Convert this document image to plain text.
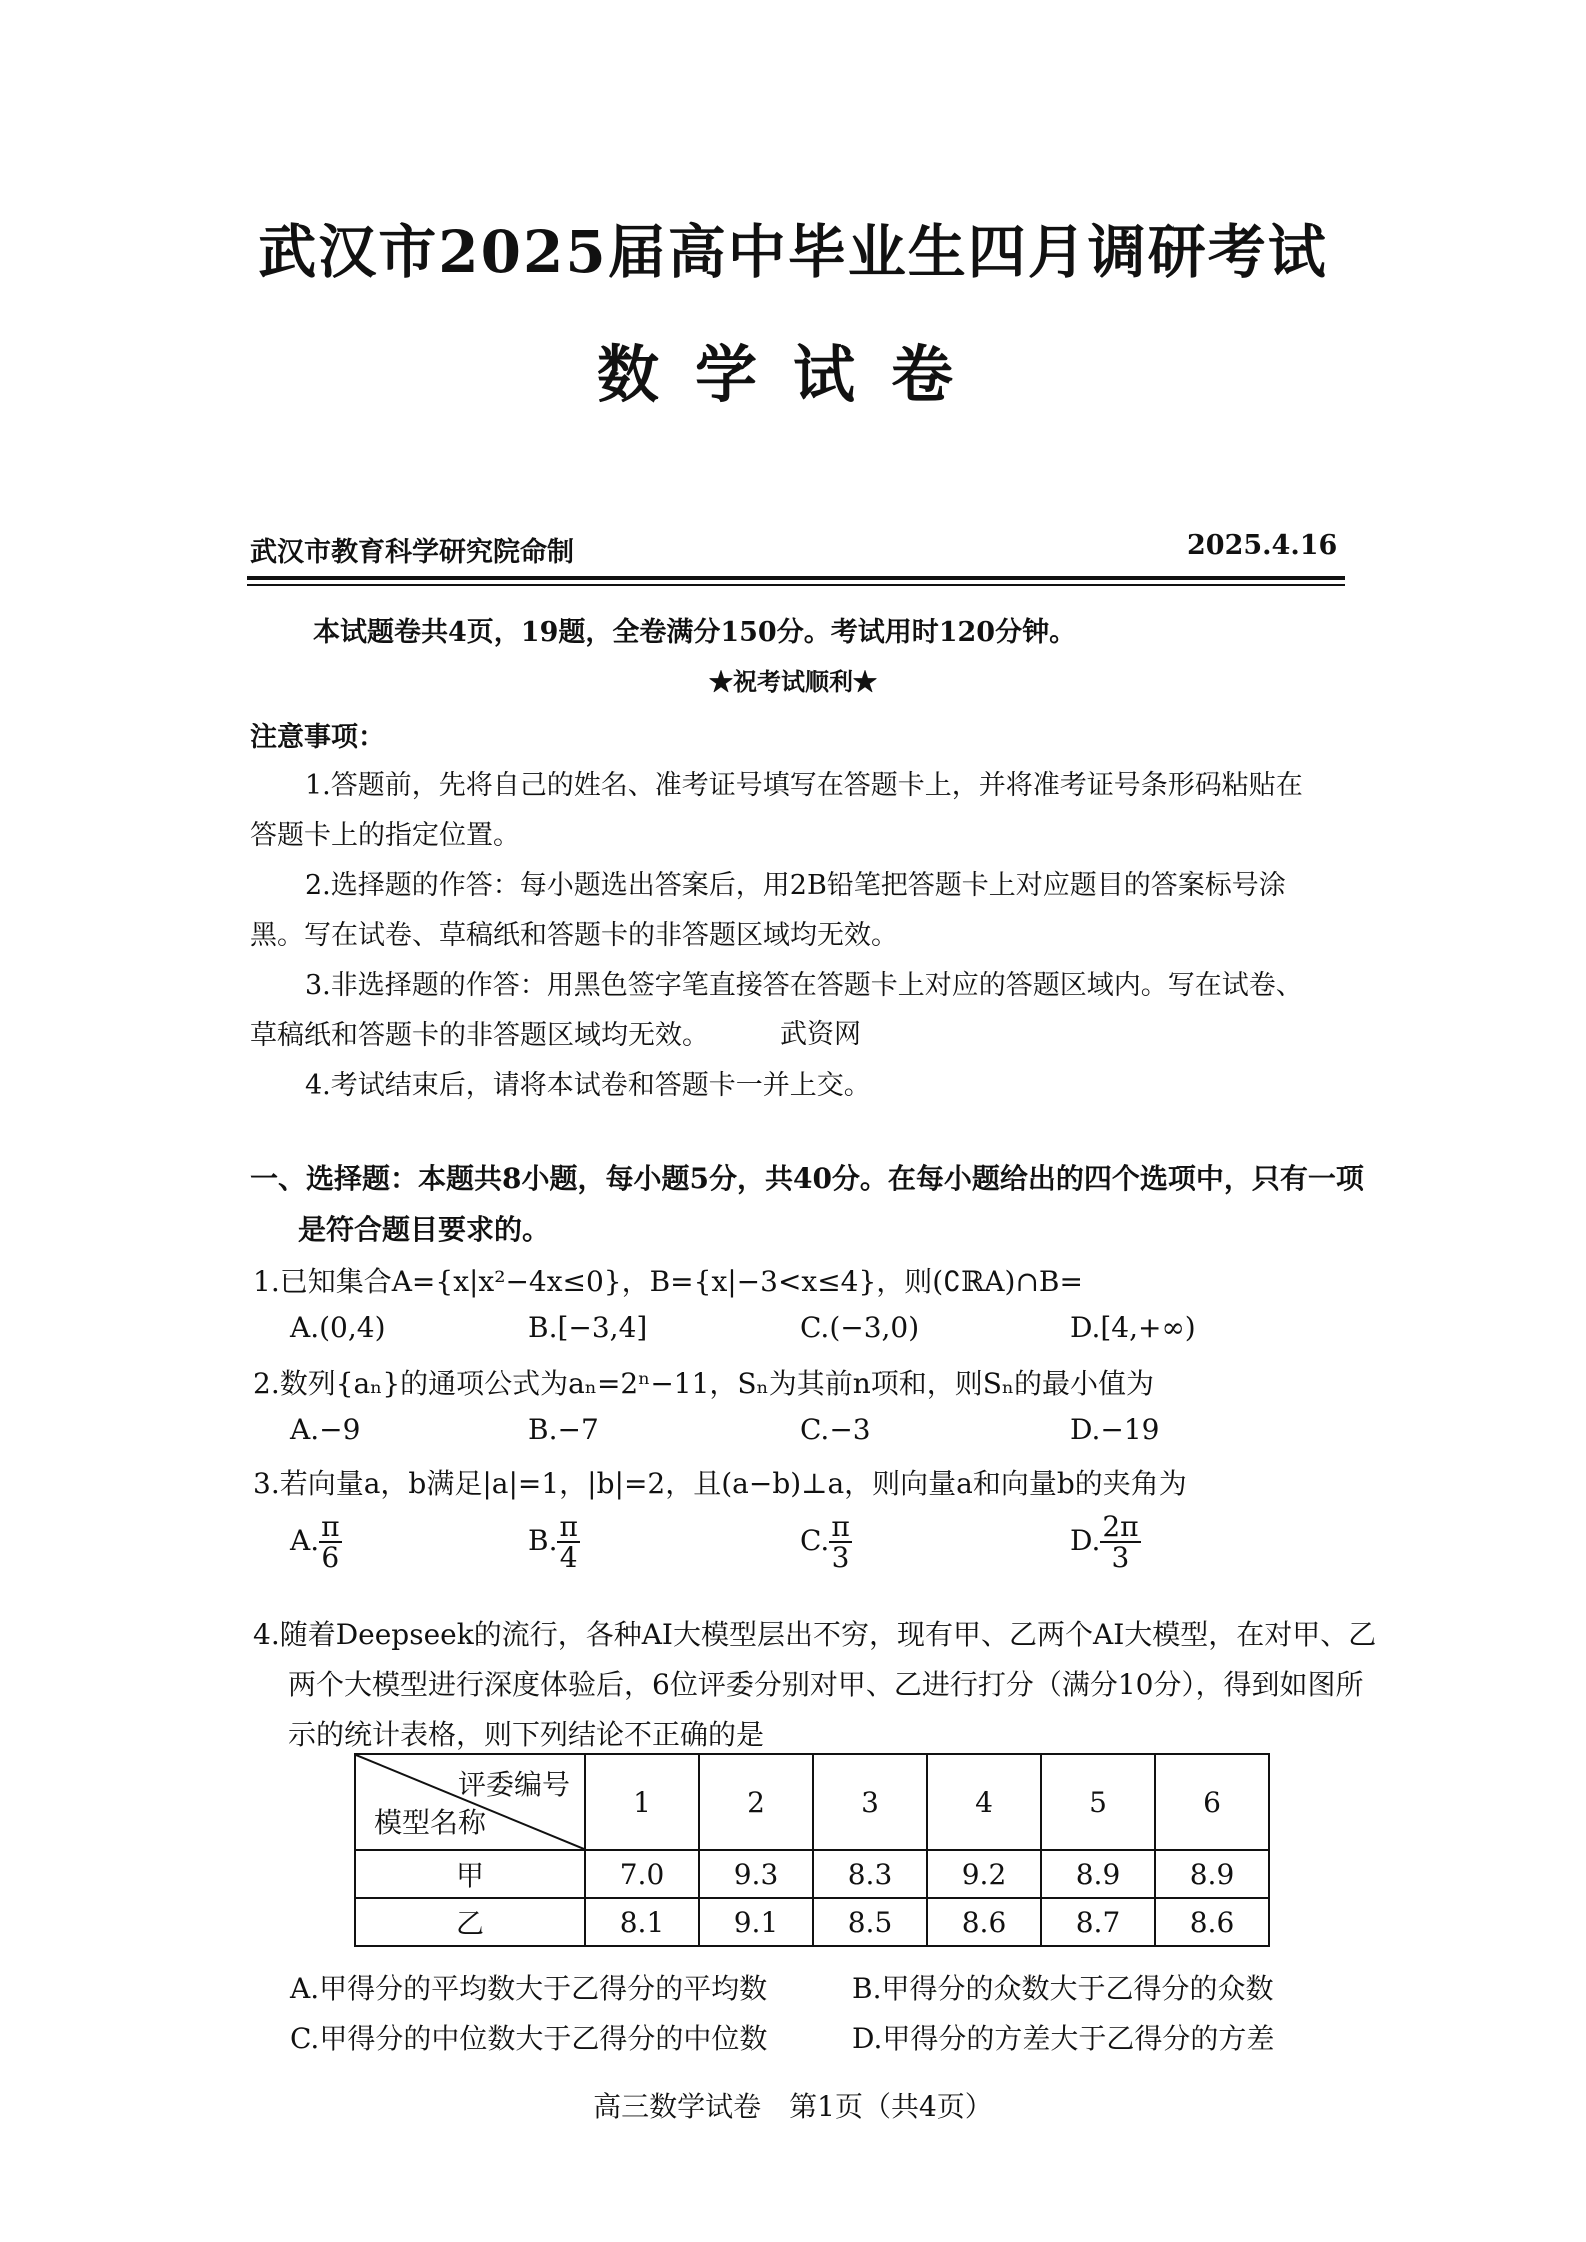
武汉市2025届高中毕业生四月调研考试
数学试卷
武汉市教育科学研究院命制	2025.4.16
本试题卷共4页，19题，全卷满分150分。考试用时120分钟。
★祝考试顺利★
注意事项：
1.答题前，先将自己的姓名、准考证号填写在答题卡上，并将准考证号条形码粘贴在
答题卡上的指定位置。
2.选择题的作答：每小题选出答案后，用2B铅笔把答题卡上对应题目的答案标号涂
黑。写在试卷、草稿纸和答题卡的非答题区域均无效。
3.非选择题的作答：用黑色签字笔直接答在答题卡上对应的答题区域内。写在试卷、
草稿纸和答题卡的非答题区域均无效。	武资网
4.考试结束后，请将本试卷和答题卡一并上交。
一、选择题：本题共8小题，每小题5分，共40分。在每小题给出的四个选项中，只有一项
是符合题目要求的。
1.已知集合A={x|x²−4x≤0}，B={x|−3<x≤4}，则(∁ℝA)∩B=
A.(0,4)	B.[−3,4]	C.(−3,0)	D.[4,+∞)
2.数列{aₙ}的通项公式为aₙ=2ⁿ−11，Sₙ为其前n项和，则Sₙ的最小值为
A.−9	B.−7	C.−3	D.−19
3.若向量a，b满足|a|=1，|b|=2，且(a−b)⊥a，则向量a和向量b的夹角为
A. $\frac{\pi}{6}$	B. $\frac{\pi}{4}$	C. $\frac{\pi}{3}$	D. $\frac{2\pi}{3}$
4.随着Deepseek的流行，各种AI大模型层出不穷，现有甲、乙两个AI大模型，在对甲、乙
两个大模型进行深度体验后，6位评委分别对甲、乙进行打分（满分10分），得到如图所
示的统计表格，则下列结论不正确的是
评委编号
模型名称	1	2	3	4	5	6
甲	7.0	9.3	8.3	9.2	8.9	8.9
乙	8.1	9.1	8.5	8.6	8.7	8.6
A.甲得分的平均数大于乙得分的平均数	B.甲得分的众数大于乙得分的众数
C.甲得分的中位数大于乙得分的中位数	D.甲得分的方差大于乙得分的方差
高三数学试卷　第1页（共4页）
